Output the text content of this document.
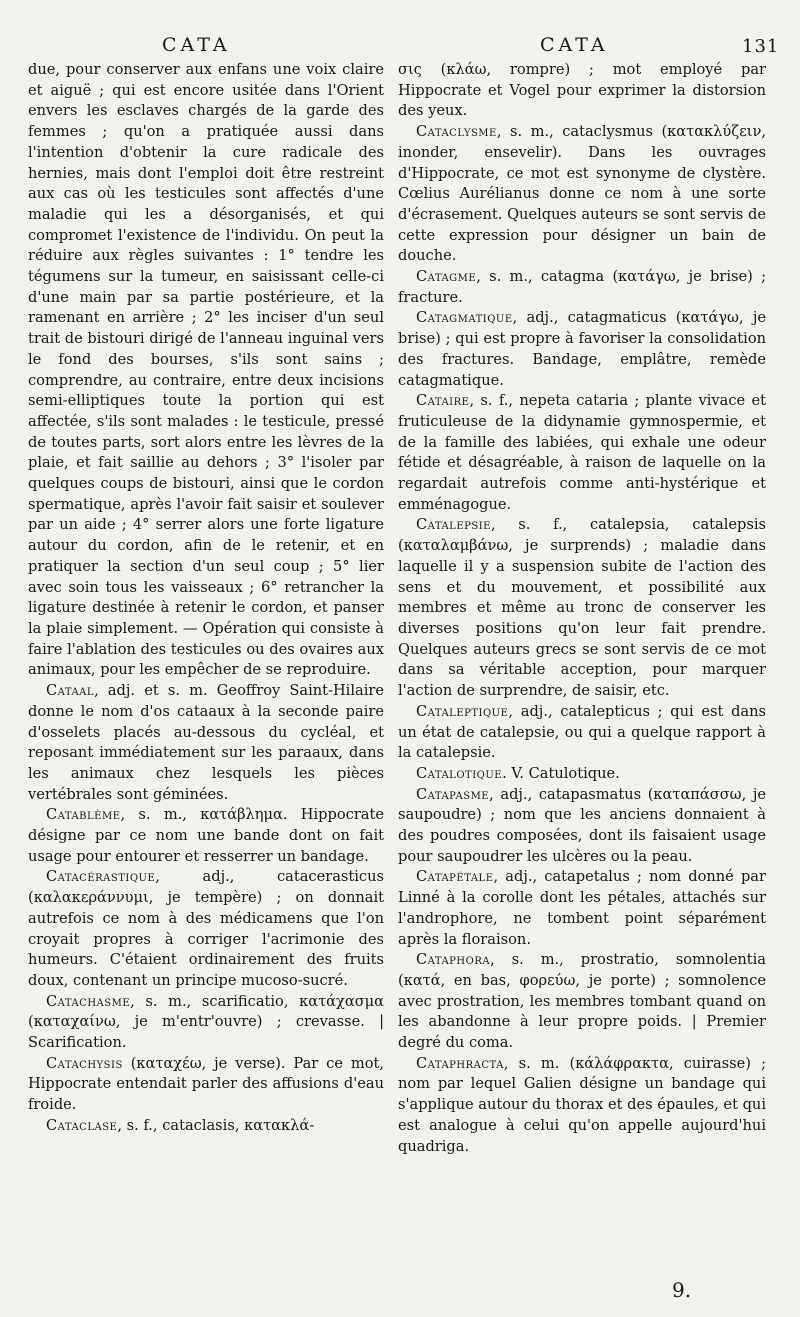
CATA	CATA	131

due, pour conserver aux enfans une voix claire et aiguë ; qui est encore usitée dans l'Orient envers les esclaves chargés de la garde des femmes ; qu'on a pratiquée aussi dans l'intention d'obtenir la cure radicale des hernies, mais dont l'emploi doit être restreint aux cas où les testicules sont affectés d'une maladie qui les a désorganisés, et qui compromet l'existence de l'individu. On peut la réduire aux règles suivantes : 1° tendre les tégumens sur la tumeur, en saisissant celle-ci d'une main par sa partie postérieure, et la ramenant en arrière ; 2° les inciser d'un seul trait de bistouri dirigé de l'anneau inguinal vers le fond des bourses, s'ils sont sains ; comprendre, au contraire, entre deux incisions semi-elliptiques toute la portion qui est affectée, s'ils sont malades : le testicule, pressé de toutes parts, sort alors entre les lèvres de la plaie, et fait saillie au dehors ; 3° l'isoler par quelques coups de bistouri, ainsi que le cordon spermatique, après l'avoir fait saisir et soulever par un aide ; 4° serrer alors une forte ligature autour du cordon, afin de le retenir, et en pratiquer la section d'un seul coup ; 5° lier avec soin tous les vaisseaux ; 6° retrancher la ligature destinée à retenir le cordon, et panser la plaie simplement. — Opération qui consiste à faire l'ablation des testicules ou des ovaires aux animaux, pour les empêcher de se reproduire.

Cataal, adj. et s. m. Geoffroy Saint-Hilaire donne le nom d'os cataaux à la seconde paire d'osselets placés au-dessous du cycléal, et reposant immédiatement sur les paraaux, dans les animaux chez lesquels les pièces vertébrales sont géminées.

Catablème, s. m., κατάβλημα. Hippocrate désigne par ce nom une bande dont on fait usage pour entourer et resserrer un bandage.

Catacérastique, adj., catacerasticus (καλακεράννυμι, je tempère) ; on donnait autrefois ce nom à des médicamens que l'on croyait propres à corriger l'acrimonie des humeurs. C'étaient ordinairement des fruits doux, contenant un principe mucoso-sucré.

Catachasme, s. m., scarificatio, κατάχασμα (καταχαίνω, je m'entr'ouvre) ; crevasse. | Scarification.

Catachysis (καταχέω, je verse). Par ce mot, Hippocrate entendait parler des affusions d'eau froide.

Cataclase, s. f., cataclasis, κατακλά-

σις (κλάω, rompre) ; mot employé par Hippocrate et Vogel pour exprimer la distorsion des yeux.

Cataclysme, s. m., cataclysmus (κατακλύζειν, inonder, ensevelir). Dans les ouvrages d'Hippocrate, ce mot est synonyme de clystère. Cœlius Aurélianus donne ce nom à une sorte d'écrasement. Quelques auteurs se sont servis de cette expression pour désigner un bain de douche.

Catagme, s. m., catagma (κατάγω, je brise) ; fracture.

Catagmatique, adj., catagmaticus (κατάγω, je brise) ; qui est propre à favoriser la consolidation des fractures. Bandage, emplâtre, remède catagmatique.

Cataire, s. f., nepeta cataria ; plante vivace et fruticuleuse de la didynamie gymnospermie, et de la famille des labiées, qui exhale une odeur fétide et désagréable, à raison de laquelle on la regardait autrefois comme anti-hystérique et emménagogue.

Catalepsie, s. f., catalepsia, catalepsis (καταλαμβάνω, je surprends) ; maladie dans laquelle il y a suspension subite de l'action des sens et du mouvement, et possibilité aux membres et même au tronc de conserver les diverses positions qu'on leur fait prendre. Quelques auteurs grecs se sont servis de ce mot dans sa véritable acception, pour marquer l'action de surprendre, de saisir, etc.

Cataleptique, adj., catalepticus ; qui est dans un état de catalepsie, ou qui a quelque rapport à la catalepsie.

Catalotique. V. Catulotique.

Catapasme, adj., catapasmatus (καταπάσσω, je saupoudre) ; nom que les anciens donnaient à des poudres composées, dont ils faisaient usage pour saupoudrer les ulcères ou la peau.

Catapétale, adj., catapetalus ; nom donné par Linné à la corolle dont les pétales, attachés sur l'androphore, ne tombent point séparément après la floraison.

Cataphora, s. m., prostratio, somnolentia (κατά, en bas, φορεύω, je porte) ; somnolence avec prostration, les membres tombant quand on les abandonne à leur propre poids. | Premier degré du coma.

Cataphracta, s. m. (κάλάφρακτα, cuirasse) ; nom par lequel Galien désigne un bandage qui s'applique autour du thorax et des épaules, et qui est analogue à celui qu'on appelle aujourd'hui quadriga.

9.
